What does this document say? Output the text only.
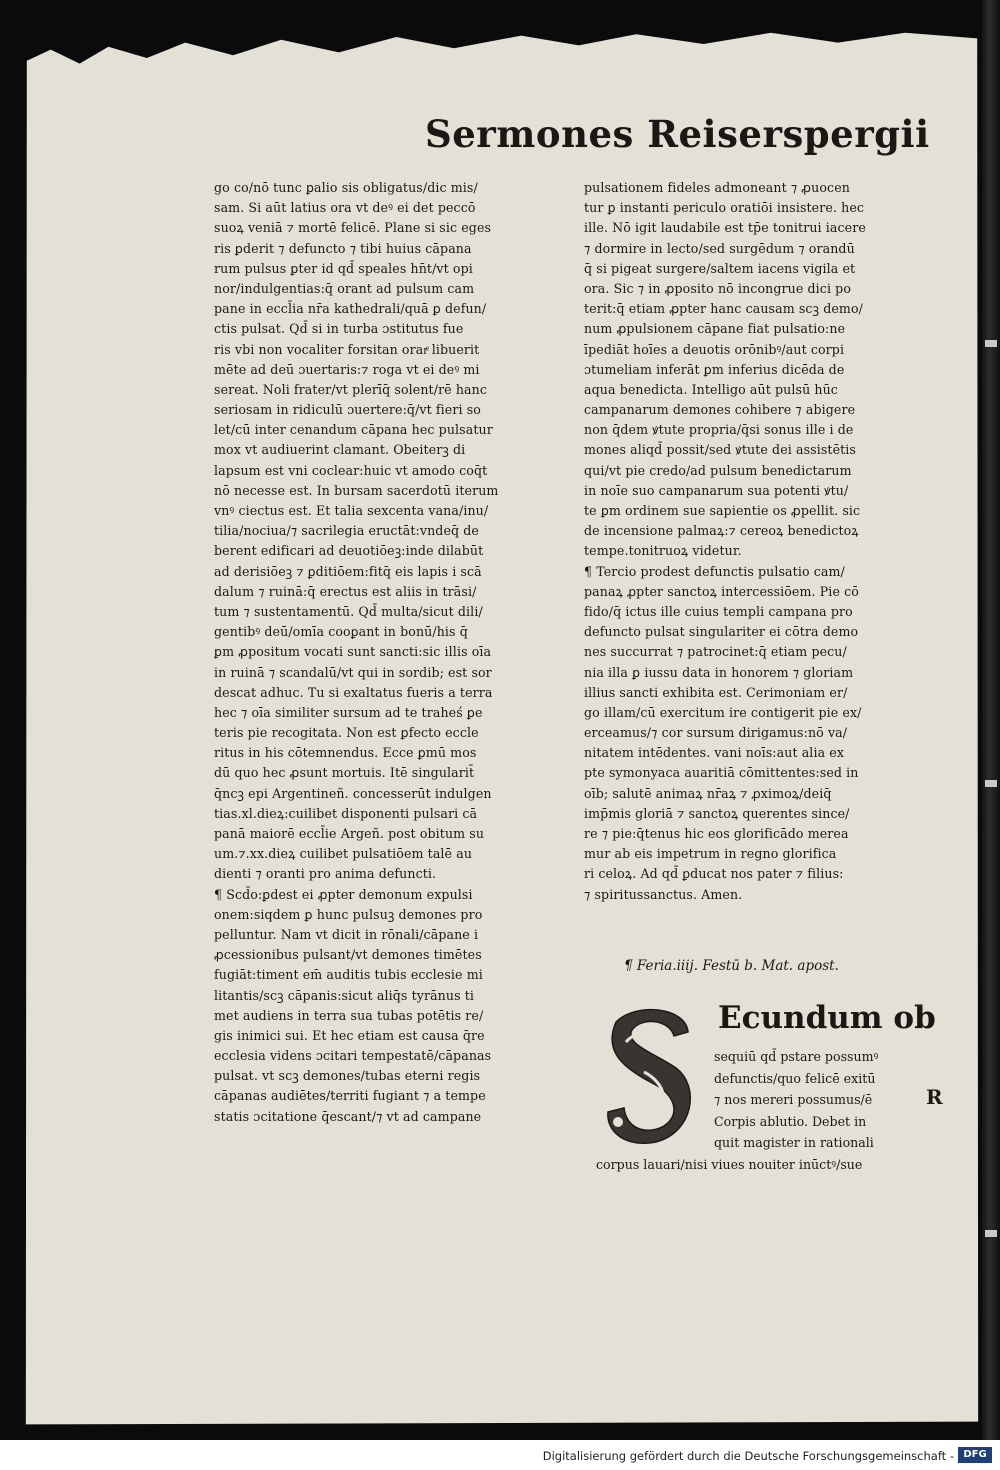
Sermones Reiserspergii
go co/nō tunc ꝑalio sis obligatus/dic mis/
sam. Si aūt latius ora vt deꝰ ei det peccō
suoꝝ veniā ⁊ mortē felicē. Plane si sic eges
ris ꝑderit ⁊ defuncto ⁊ tibi huius cāpana
rum pulsus ꝑter id qd̄ speales hn̄t/vt opi
nor/indulgentias:q̄ orant ad pulsum cam
pane in eccl̄ia nr̄a kathedrali/quā ꝑ defun/
ctis pulsat. Qd̄ si in turba ɔstitutus fue
ris vbi non vocaliter forsitan orarͤ libuerit
mēte ad deū ɔuertaris:⁊ roga vt ei deꝰ mi
sereat. Noli frater/vt plerīq̄ solent/rē hanc
seriosam in ridiculū ɔuertere:q̄/vt fieri so
let/cū inter cenandum cāpana hec pulsatur
mox vt audiuerint clamant. Obeiterꝫ di
lapsum est vni coclear:huic vt amodo coq̄t
nō necesse est. In bursam sacerdotū iterum
vnꝰ ciectus est. Et talia sexcenta vana/inu/
tilia/nociua/⁊ sacrilegia eructāt:vndeq̄ de
berent edificari ad deuotiōeꝫ:inde dilabūt
ad derisiōeꝫ ⁊ ꝑditiōem:fitq̄ eis lapis i scā
dalum ⁊ ruinā:q̄ erectus est aliis in trāsi/
tum ⁊ sustentamentū. Qd̄ multa/sicut dili/
gentibꝰ deū/omīa cooꝑant in bonū/his q̄
ꝑm ꝓpositum vocati sunt sancti:sic illis oīa
in ruinā ⁊ scandalū/vt qui in sordib; est sor
descat adhuc. Tu si exaltatus fueris a terra
hec ⁊ oīa similiter sursum ad te traheś ꝑe
teris pie recogitata. Non est ꝑfecto eccle
ritus in his cōtemnendus. Ecce ꝑmū mos
dū quo hec ꝓsunt mortuis. Itē singularit̄
q̄ncꝫ epi Argentineñ. concesserūt indulgen
tias.xl.dieꝝ:cuilibet disponenti pulsari cā
panā maiorē eccl̄ie Argeñ. post obitum su
um.⁊.xx.dieꝝ cuilibet pulsatiōem talē au
dienti ⁊ oranti pro anima defuncti.
¶ Scd̄o:ꝑdest ei ꝓpter demonum expulsi
onem:siqdem ꝑ hunc pulsuꝫ demones pro
pelluntur. Nam vt dicit in rōnali/cāpane i
ꝓcessionibus pulsant/vt demones timētes
fugiāt:timent em̄ auditis tubis ecclesie mi
litantis/scꝫ cāpanis:sicut aliq̄s tyrānus ti
met audiens in terra sua tubas potētis re/
gis inimici sui. Et hec etiam est causa q̄re
ecclesia videns ɔcitari tempestatē/cāpanas
pulsat. vt scꝫ demones/tubas eterni regis
cāpanas audiētes/territi fugiant ⁊ a tempe
statis ɔcitatione q̄escant/⁊ vt ad campane
pulsationem fideles admoneant ⁊ ꝓuocen
tur ꝑ instanti periculo oratiōi insistere. hec
ille. Nō igit laudabile est tp̄e tonitrui iacere
⁊ dormire in lecto/sed surgēdum ⁊ orandū
q̄ si pigeat surgere/saltem iacens vigila et
ora. Sic ⁊ in ꝓposito nō incongrue dici po
terit:q̄ etiam ꝓpter hanc causam scꝫ demo/
num ꝓpulsionem cāpane fiat pulsatio:ne
īpediāt hoīes a deuotis orōnibꝰ/aut corpi
ɔtumeliam inferāt ꝑm inferius dicēda de
aqua benedicta. Intelligo aūt pulsū hūc
campanarum demones cohibere ⁊ abigere
non q̄dem ꝟtute propria/q̄si sonus ille i de
mones aliqd̄ possit/sed ꝟtute dei assistētis
qui/vt pie credo/ad pulsum benedictarum
in noīe suo campanarum sua potenti ꝟtu/
te ꝑm ordinem sue sapientie os ꝓpellit. sic
de incensione palmaꝝ:⁊ cereoꝝ benedictoꝝ
tempe.tonitruoꝝ videtur.
¶ Tercio prodest defunctis pulsatio cam/
panaꝝ ꝓpter sanctoꝝ intercessiōem. Pie cō
fido/q̄ ictus ille cuius templi campana pro
defuncto pulsat singulariter ei cōtra demo
nes succurrat ⁊ patrocinet:q̄ etiam pecu/
nia illa ꝑ iussu data in honorem ⁊ gloriam
illius sancti exhibita est. Cerimoniam er/
go illam/cū exercitum ire contigerit pie ex/
erceamus/⁊ cor sursum dirigamus:nō va/
nitatem intēdentes. vani noīs:aut alia ex
pte symonyaca auaritiā cōmittentes:sed in
oīb; salutē animaꝝ nr̄aꝝ ⁊ ꝓximoꝝ/deiq̄
imp̄mis gloriā ⁊ sanctoꝝ querentes since/
re ⁊ pie:q̄tenus hic eos glorificādo merea
mur ab eis impetrum in regno glorifica
ri celoꝝ. Ad qd̄ ꝑducat nos pater ⁊ filius:
⁊ spiritussanctus. Amen.
¶ Feria.iiij. Festū b. Mat. apost.
S	Ecundum ob
sequiū qd̄ pstare possumꝰ
defunctis/quo felicē exitū
⁊ nos mereri possumus/ē
Corpis ablutio. Debet in
quit magister in rationali
R
corpus lauari/nisi viues nouiter inūctꝰ/sue
Digitalisierung gefördert durch die Deutsche Forschungsgemeinschaft - DFG
